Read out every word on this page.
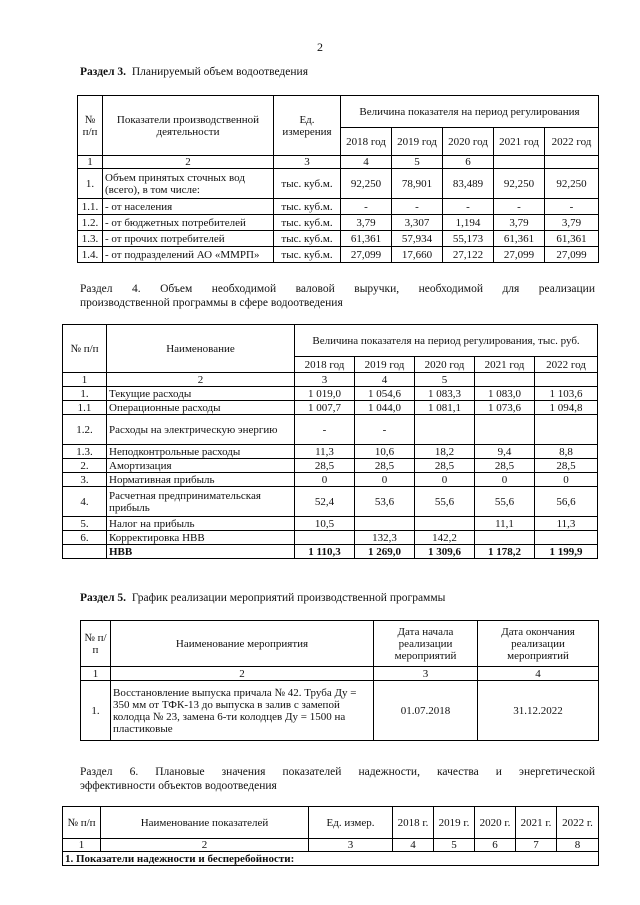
2
Раздел 3. Планируемый объем водоотведения
№ п/п	Показатели производственной деятельности	Ед. измерения	Величина показателя на период регулирования				
			2018 год	2019 год	2020 год	2021 год	2022 год
1	2	3	4	5	6		
1.	Объем принятых сточных вод (всего), в том числе:	тыс. куб.м.	92,250	78,901	83,489	92,250	92,250
1.1.	- от населения	тыс. куб.м.	-	-	-	-	-
1.2.	- от бюджетных потребителей	тыс. куб.м.	3,79	3,307	1,194	3,79	3,79
1.3.	- от прочих потребителей	тыс. куб.м.	61,361	57,934	55,173	61,361	61,361
1.4.	- от подразделений АО «ММРП»	тыс. куб.м.	27,099	17,660	27,122	27,099	27,099
Раздел 4. Объем необходимой валовой выручки, необходимой для реализации
производственной программы в сфере водоотведения
№ п/п	Наименование	Величина показателя на период регулирования, тыс. руб.				
		2018 год	2019 год	2020 год	2021 год	2022 год
1	2	3	4	5		
1.	Текущие расходы	1 019,0	1 054,6	1 083,3	1 083,0	1 103,6
1.1	Операционные расходы	1 007,7	1 044,0	1 081,1	1 073,6	1 094,8
1.2.	Расходы на электрическую энергию	-	-			
1.3.	Неподконтрольные расходы	11,3	10,6	18,2	9,4	8,8
2.	Амортизация	28,5	28,5	28,5	28,5	28,5
3.	Нормативная прибыль	0	0	0	0	0
4.	Расчетная предпринимательская прибыль	52,4	53,6	55,6	55,6	56,6
5.	Налог на прибыль	10,5			11,1	11,3
6.	Корректировка НВВ		132,3	142,2		
	НВВ	1 110,3	1 269,0	1 309,6	1 178,2	1 199,9
Раздел 5. График реализации мероприятий производственной программы
№ п/п	Наименование мероприятия	Дата начала реализации мероприятий	Дата окончания реализации мероприятий
1	2	3	4
1.	Восстановление выпуска причала № 42. Труба Ду = 350 мм от ТФК-13 до выпуска в залив с замепой колодца № 23, замена 6-ти колодцев Ду = 1500 на пластиковые	01.07.2018	31.12.2022
Раздел 6. Плановые значения показателей надежности, качества и энергетической
эффективности объектов водоотведения
№ п/п	Наименование показателей	Ед. измер.	2018 г.	2019 г.	2020 г.	2021 г.	2022 г.
1	2	3	4	5	6	7	8
1. Показатели надежности и бесперебойности:							
